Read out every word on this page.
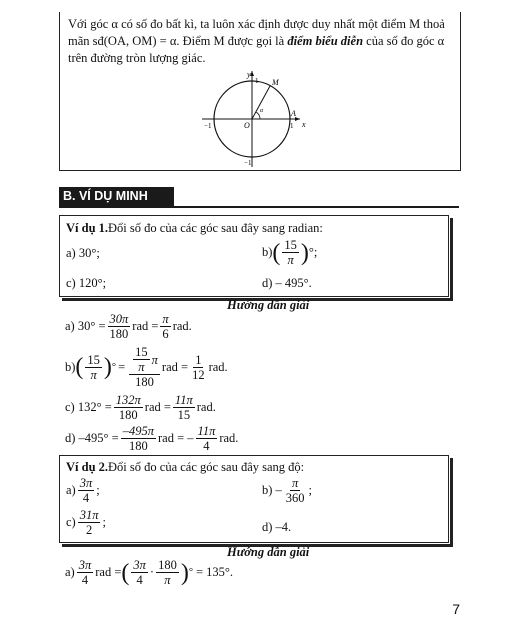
Với góc α có số đo bất kì, ta luôn xác định được duy nhất một điểm M thoả
mãn sđ(OA, OM) = α. Điểm M được gọi là điểm biểu diễn của số đo góc α
trên đường tròn lượng giác.
y
x
M
A
O
1
1
−1
−1
α
B. VÍ DỤ MINH
Ví dụ 1. Đổi số đo của các góc sau đây sang radian:
a) 30°;	b) ( $\frac{15}{\pi}$ ) °;
c) 120°;	d) – 495°.
Hướng dẫn giải
a) $30^\circ = \frac{30\pi}{180}$ rad = $\frac{\pi}{6}$ rad.
b) ( $\frac{15}{\pi}$ ) ° = $\frac{\frac{15}{\pi} \pi}{180}$ rad = $\frac{1}{12}$ rad.
c) $132^\circ = \frac{132\pi}{180}$ rad = $\frac{11\pi}{15}$ rad.
d) $-495^\circ = \frac{-495\pi}{180}$ rad = – $\frac{11\pi}{4}$ rad.
Ví dụ 2. Đổi số đo của các góc sau đây sang độ:
$a) \frac{3\pi}{4}$ ;	$b) - \frac{\pi}{360}$ ;
$c) \frac{31\pi}{2}$ ;	d) –4.
Hướng dẫn giải
$a) \frac{3\pi}{4}$ rad = ( $\frac{3\pi}{4} \cdot \frac{180}{\pi}$ ) ° = 135°.
7
